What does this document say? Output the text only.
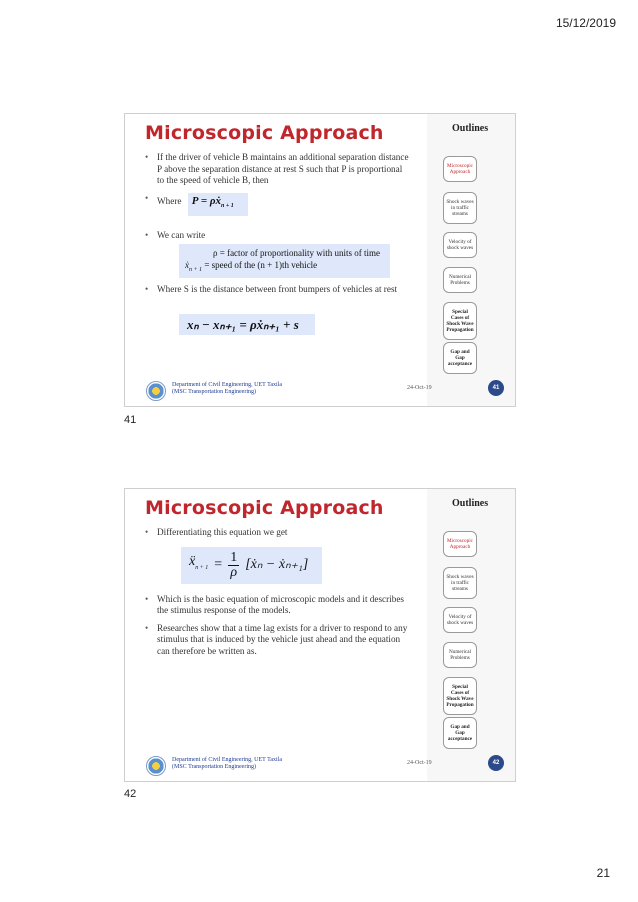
15/12/2019
Microscopic Approach	Outlines
• If the driver of vehicle B maintains an additional separation distance P above the separation distance at rest S such that P is proportional to the speed of vehicle B, then
• Where P = ρẋ$_{n + 1}$
• We can write
ρ = factor of proportionality with units of time
ẋ$_{n + 1}$ = speed of the (n + 1)th vehicle
• Where S is the distance between front bumpers of vehicles at rest
xₙ − xₙ₊₁ = ρẋₙ₊₁ + s
Microscopic Approach
Shock waves in traffic streams
Velocity of shock waves
Numerical Problems
Special Cases of Shock Wave Propagation
Gap and Gap acceptance
Department of Civil Engineering, UET Taxila
(MSC Transportation Engineering)
24-Oct-19	41
41
Microscopic Approach	Outlines
• Differentiating this equation we get
ẍ$_{n + 1}$ = $\frac{1}{\rho}$ [ẋₙ − ẋₙ₊₁]
• Which is the basic equation of microscopic models and it describes the stimulus response of the models.
• Researches show that a time lag exists for a driver to respond to any stimulus that is induced by the vehicle just ahead and the equation can therefore be written as.
Microscopic Approach
Shock waves in traffic streams
Velocity of shock waves
Numerical Problems
Special Cases of Shock Wave Propagation
Gap and Gap acceptance
Department of Civil Engineering, UET Taxila
(MSC Transportation Engineering)
24-Oct-19	42
42
21
